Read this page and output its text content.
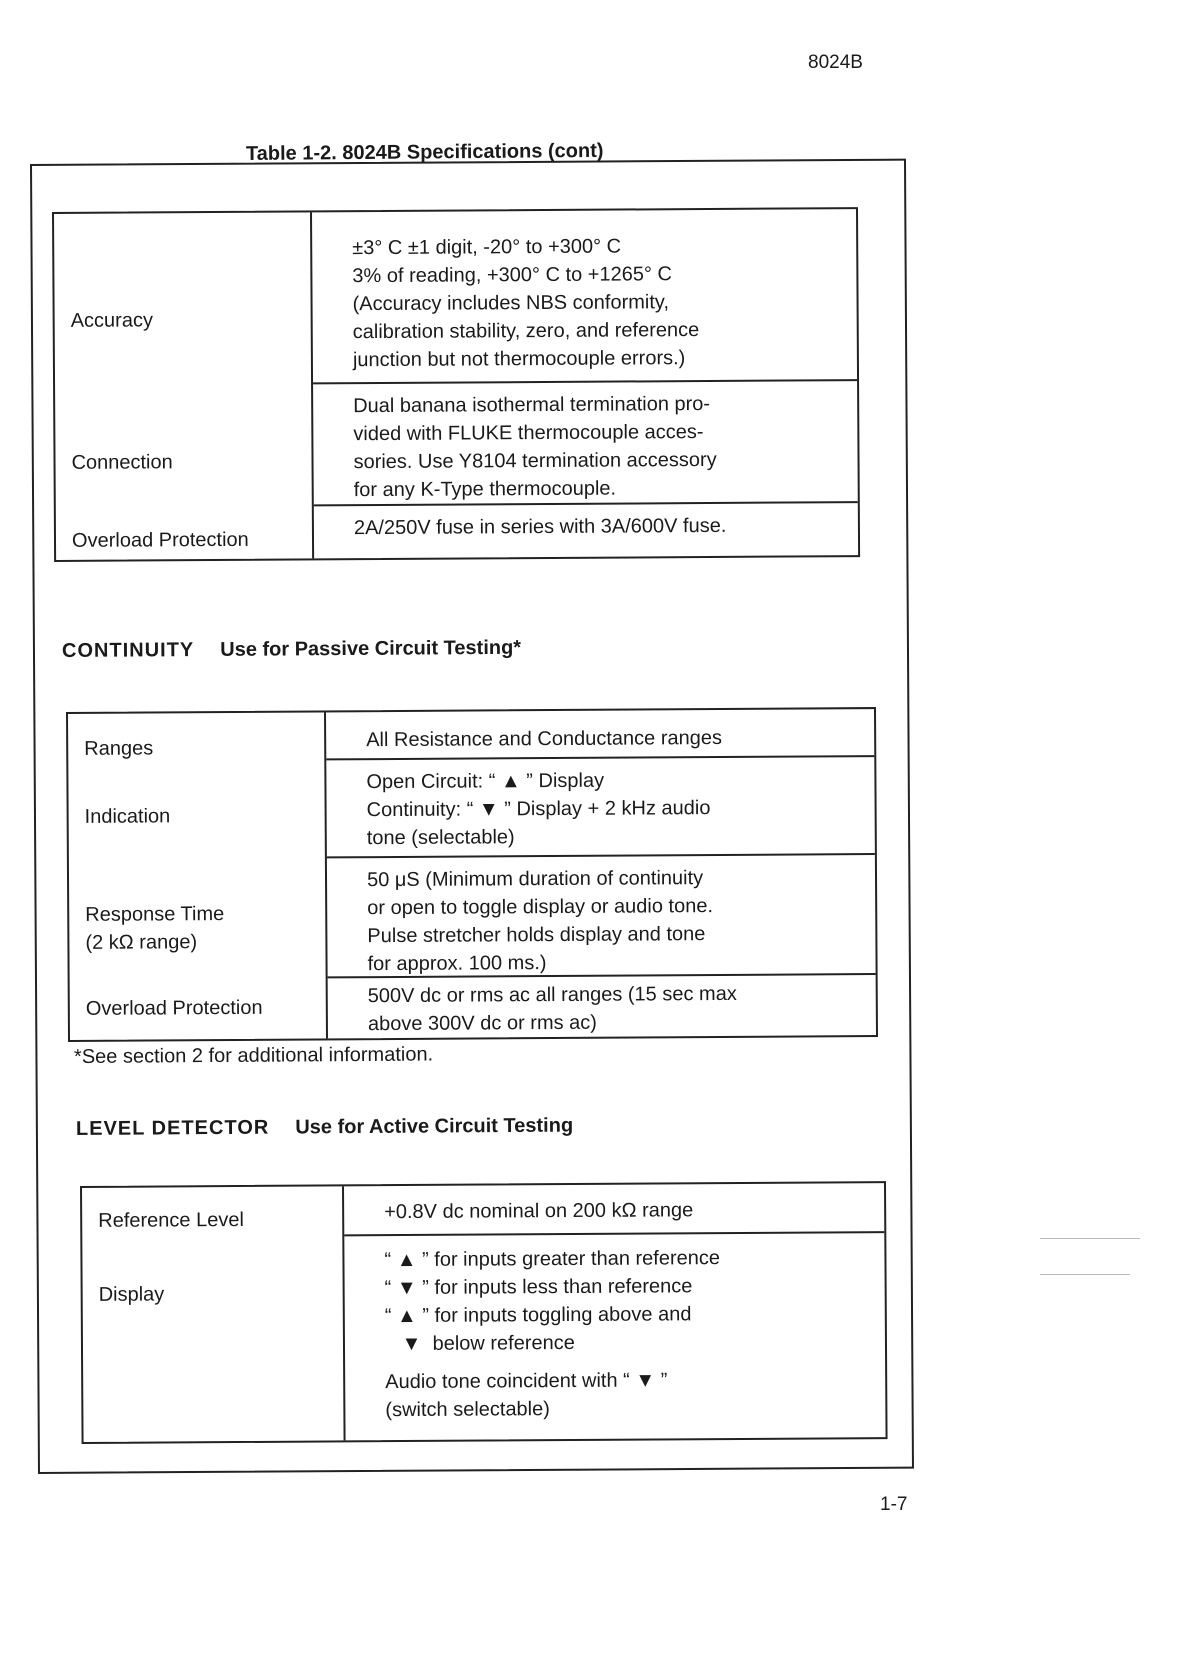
8024B
Table 1-2. 8024B Specifications (cont)
Accuracy
Connection
Overload Protection
±3° C ±1 digit, -20° to +300° C
3% of reading, +300° C to +1265° C
(Accuracy includes NBS conformity,
calibration stability, zero, and reference
junction but not thermocouple errors.)
Dual banana isothermal termination pro-
vided with FLUKE thermocouple acces-
sories. Use Y8104 termination accessory
for any K-Type thermocouple.
2A/250V fuse in series with 3A/600V fuse.
CONTINUITY Use for Passive Circuit Testing*
Ranges
Indication
Response Time
(2 kΩ range)
Overload Protection
All Resistance and Conductance ranges
Open Circuit: “ ▲ ” Display
Continuity: “ ▼ ” Display + 2 kHz audio
tone (selectable)
50 μS (Minimum duration of continuity
or open to toggle display or audio tone.
Pulse stretcher holds display and tone
for approx. 100 ms.)
500V dc or rms ac all ranges (15 sec max
above 300V dc or rms ac)
*See section 2 for additional information.
LEVEL DETECTOR Use for Active Circuit Testing
Reference Level
Display
+0.8V dc nominal on 200 kΩ range
“ ▲ ” for inputs greater than reference
“ ▼ ” for inputs less than reference
“ ▲ ” for inputs toggling above and
▼  below reference
Audio tone coincident with “ ▼ ”
(switch selectable)
1-7
